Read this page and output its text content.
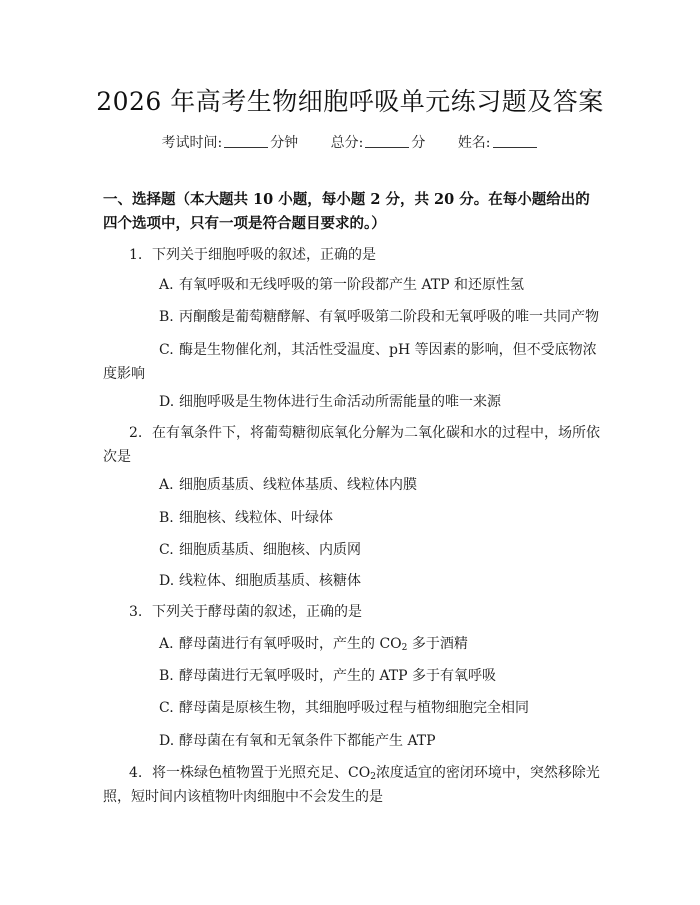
2026 年高考生物细胞呼吸单元练习题及答案
考试时间:	分钟 总分:	分 姓名:
一、选择题（本大题共 10 小题，每小题 2 分，共 20 分。在每小题给出的四个选项中，只有一项是符合题目要求的。）
1. 下列关于细胞呼吸的叙述，正确的是
A. 有氧呼吸和无线呼吸的第一阶段都产生 ATP 和还原性氢
B. 丙酮酸是葡萄糖酵解、有氧呼吸第二阶段和无氧呼吸的唯一共同产物
C. 酶是生物催化剂，其活性受温度、pH 等因素的影响，但不受底物浓度影响
D. 细胞呼吸是生物体进行生命活动所需能量的唯一来源
2. 在有氧条件下，将葡萄糖彻底氧化分解为二氧化碳和水的过程中，场所依次是
A. 细胞质基质、线粒体基质、线粒体内膜
B. 细胞核、线粒体、叶绿体
C. 细胞质基质、细胞核、内质网
D. 线粒体、细胞质基质、核糖体
3. 下列关于酵母菌的叙述，正确的是
A. 酵母菌进行有氧呼吸时，产生的 $CO_2$ 多于酒精
B. 酵母菌进行无氧呼吸时，产生的 ATP 多于有氧呼吸
C. 酵母菌是原核生物，其细胞呼吸过程与植物细胞完全相同
D. 酵母菌在有氧和无氧条件下都能产生 ATP
4. 将一株绿色植物置于光照充足、$CO_2$浓度适宜的密闭环境中，突然移除光照，短时间内该植物叶肉细胞中不会发生的是
